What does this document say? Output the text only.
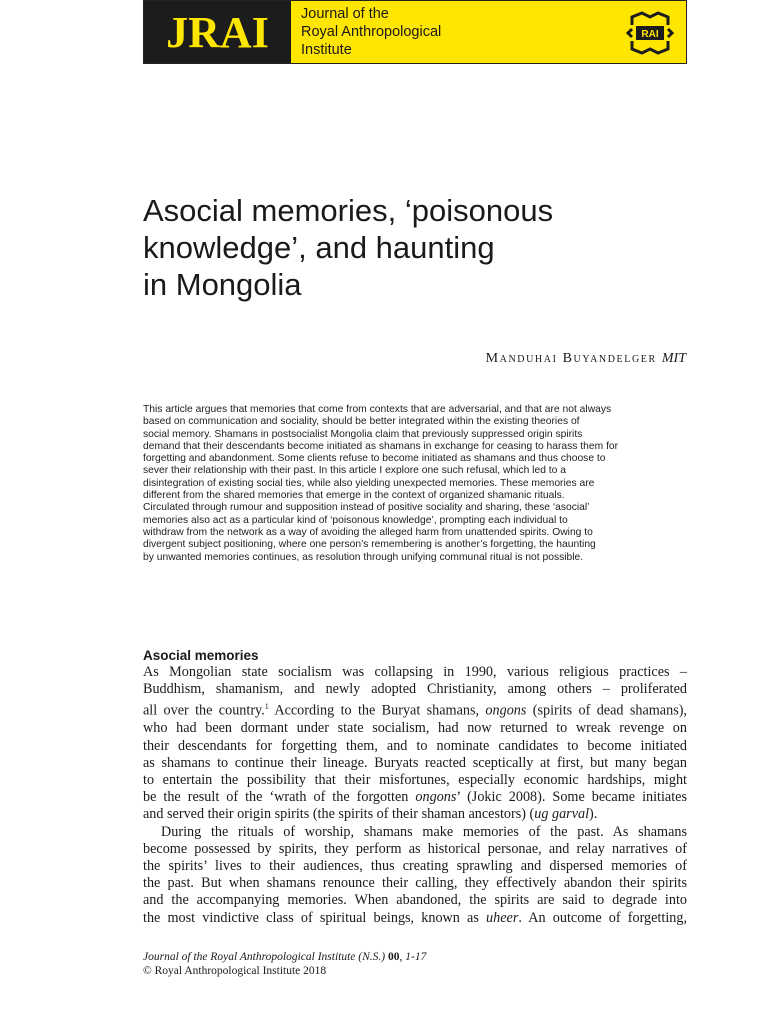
JRAI Journal of the
Royal Anthropological
Institute
RAI
Asocial memories, ‘poisonous
knowledge’, and haunting
in Mongolia
Manduhai Buyandelger MIT
This article argues that memories that come from contexts that are adversarial, and that are not always
based on communication and sociality, should be better integrated within the existing theories of
social memory. Shamans in postsocialist Mongolia claim that previously suppressed origin spirits
demand that their descendants become initiated as shamans in exchange for ceasing to harass them for
forgetting and abandonment. Some clients refuse to become initiated as shamans and thus choose to
sever their relationship with their past. In this article I explore one such refusal, which led to a
disintegration of existing social ties, while also yielding unexpected memories. These memories are
different from the shared memories that emerge in the context of organized shamanic rituals.
Circulated through rumour and supposition instead of positive sociality and sharing, these ‘asocial’
memories also act as a particular kind of ‘poisonous knowledge’, prompting each individual to
withdraw from the network as a way of avoiding the alleged harm from unattended spirits. Owing to
divergent subject positioning, where one person’s remembering is another’s forgetting, the haunting
by unwanted memories continues, as resolution through unifying communal ritual is not possible.
Asocial memories
As Mongolian state socialism was collapsing in 1990, various religious practices –
Buddhism, shamanism, and newly adopted Christianity, among others – proliferated
all over the country.$^1$ According to the Buryat shamans, ongons (spirits of dead shamans),
who had been dormant under state socialism, had now returned to wreak revenge on
their descendants for forgetting them, and to nominate candidates to become initiated
as shamans to continue their lineage. Buryats reacted sceptically at first, but many began
to entertain the possibility that their misfortunes, especially economic hardships, might
be the result of the ‘wrath of the forgotten ongons’ (Jokic 2008). Some became initiates
and served their origin spirits (the spirits of their shaman ancestors) (ug garval).
During the rituals of worship, shamans make memories of the past. As shamans
become possessed by spirits, they perform as historical personae, and relay narratives of
the spirits’ lives to their audiences, thus creating sprawling and dispersed memories of
the past. But when shamans renounce their calling, they effectively abandon their spirits
and the accompanying memories. When abandoned, the spirits are said to degrade into
the most vindictive class of spiritual beings, known as uheer. An outcome of forgetting,
Journal of the Royal Anthropological Institute (N.S.) 00, 1-17
© Royal Anthropological Institute 2018
